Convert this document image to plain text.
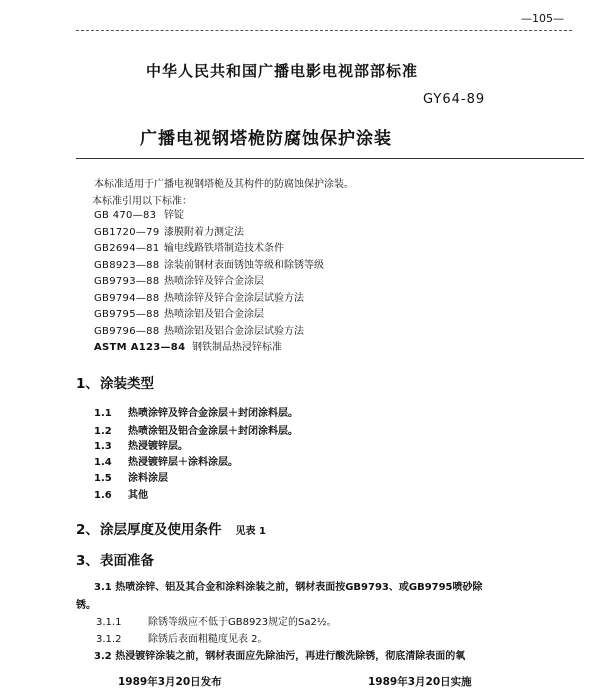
—105—
中华人民共和国广播电影电视部部标准
GY64-89
广播电视钢塔桅防腐蚀保护涂装
本标准适用于广播电视钢塔桅及其构件的防腐蚀保护涂装。
本标准引用以下标准：
GB 470—83 锌锭
GB1720—79 漆膜附着力测定法
GB2694—81 输电线路铁塔制造技术条件
GB8923—88 涂装前钢材表面锈蚀等级和除锈等级
GB9793—88 热喷涂锌及锌合金涂层
GB9794—88 热喷涂锌及锌合金涂层试验方法
GB9795—88 热喷涂铝及铝合金涂层
GB9796—88 热喷涂铝及铝合金涂层试验方法
ASTM A123—84 钢铁制品热浸锌标准
1、涂装类型
1.1 热喷涂锌及锌合金涂层＋封闭涂料层。
1.2 热喷涂铝及铝合金涂层＋封闭涂料层。
1.3 热浸镀锌层。
1.4 热浸镀锌层＋涂料涂层。
1.5 涂料涂层
1.6 其他
2、涂层厚度及使用条件 见表 1
3、表面准备
3.1 热喷涂锌、铝及其合金和涂料涂装之前，钢材表面按GB9793、或GB9795喷砂除
锈。
3.1.1	除锈等级应不低于GB8923规定的Sa2½。
3.1.2	除锈后表面粗糙度见表 2。
3.2 热浸镀锌涂装之前，钢材表面应先除油污，再进行酸洗除锈，彻底清除表面的氧
1989年3月20日发布	1989年3月20日实施
